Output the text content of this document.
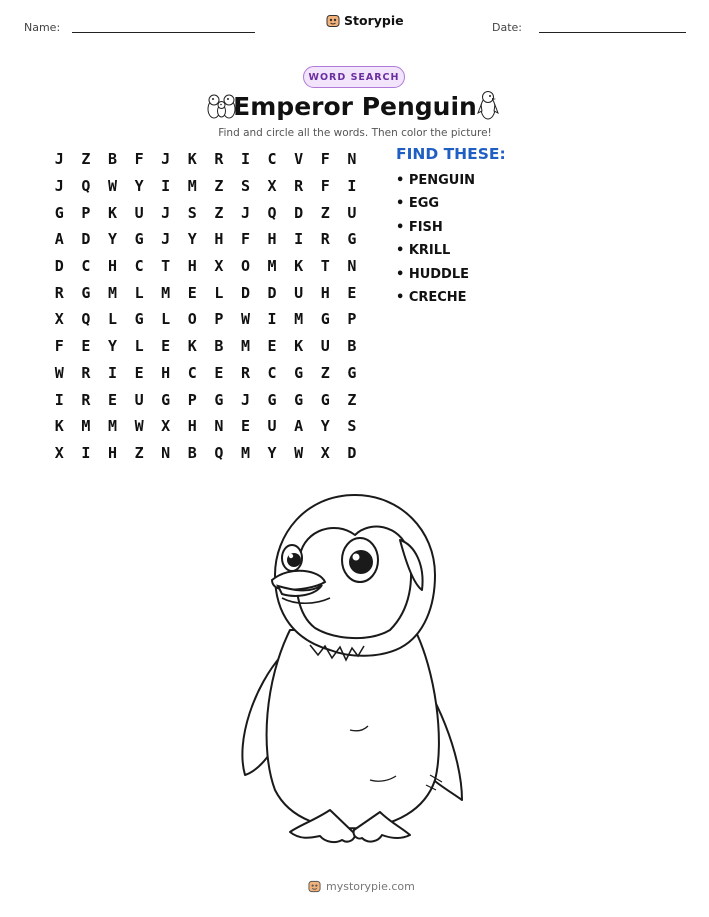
Name:	Storypie	Date:
WORD SEARCH
Emperor Penguin
Find and circle all the words. Then color the picture!
J	Z	B	F	J	K	R	I	C	V	F	N
J	Q	W	Y	I	M	Z	S	X	R	F	I
G	P	K	U	J	S	Z	J	Q	D	Z	U
A	D	Y	G	J	Y	H	F	H	I	R	G
D	C	H	C	T	H	X	O	M	K	T	N
R	G	M	L	M	E	L	D	D	U	H	E
X	Q	L	G	L	O	P	W	I	M	G	P
F	E	Y	L	E	K	B	M	E	K	U	B
W	R	I	E	H	C	E	R	C	G	Z	G
I	R	E	U	G	P	G	J	G	G	G	Z
K	M	M	W	X	H	N	E	U	A	Y	S
X	I	H	Z	N	B	Q	M	Y	W	X	D
FIND THESE:
• PENGUIN
• EGG
• FISH
• KRILL
• HUDDLE
• CRECHE
mystorypie.com
